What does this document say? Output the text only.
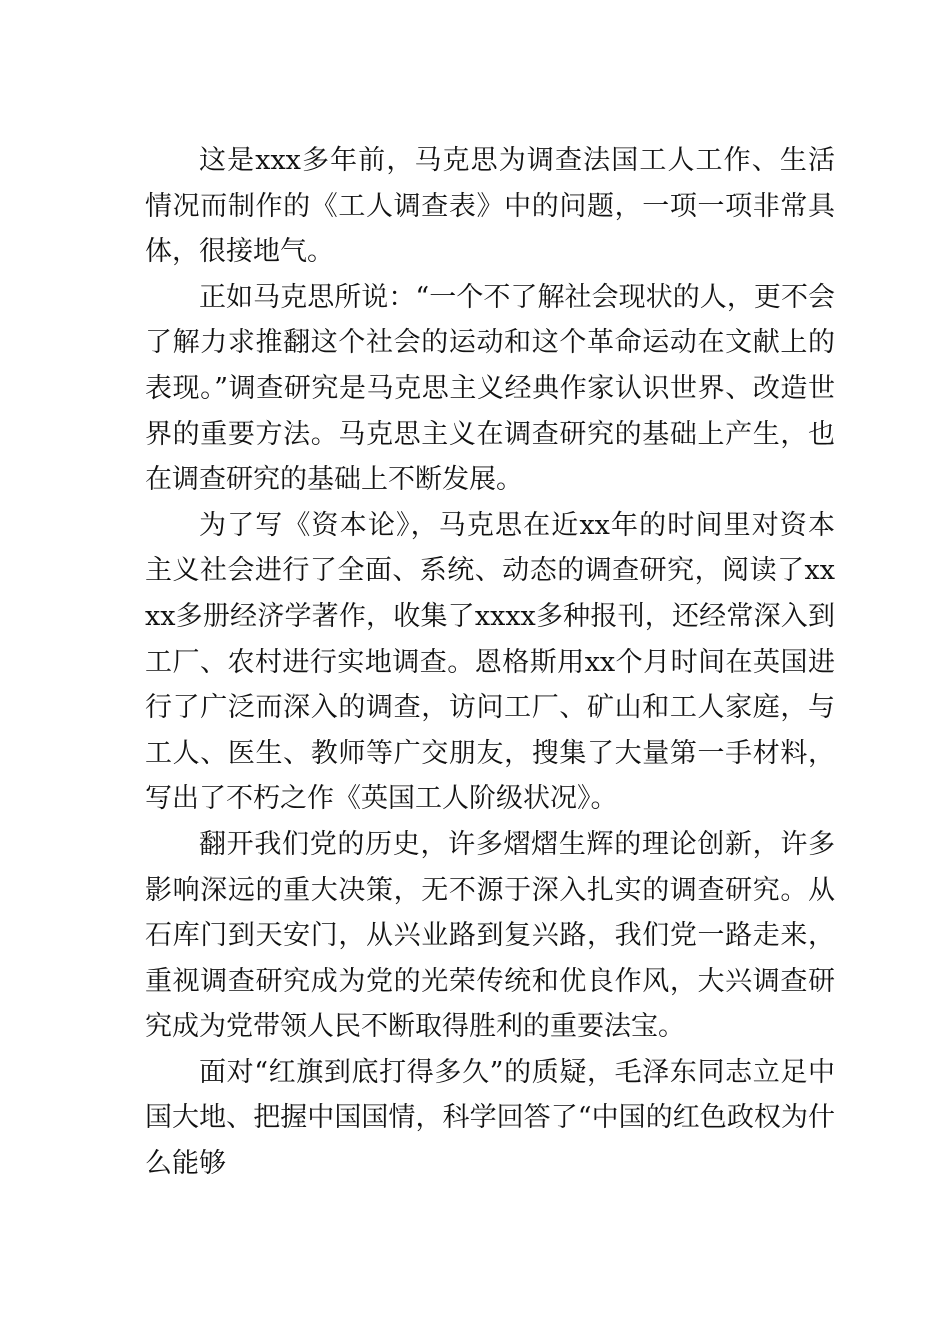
这是xxx多年前，马克思为调查法国工人工作、生活情况而制作的《工人调查表》中的问题，一项一项非常具体，很接地气。

正如马克思所说：“一个不了解社会现状的人，更不会了解力求推翻这个社会的运动和这个革命运动在文献上的表现。”调查研究是马克思主义经典作家认识世界、改造世界的重要方法。马克思主义在调查研究的基础上产生，也在调查研究的基础上不断发展。

为了写《资本论》，马克思在近xx年的时间里对资本主义社会进行了全面、系统、动态的调查研究，阅读了xxxx多册经济学著作，收集了xxxx多种报刊，还经常深入到工厂、农村进行实地调查。恩格斯用xx个月时间在英国进行了广泛而深入的调查，访问工厂、矿山和工人家庭，与工人、医生、教师等广交朋友，搜集了大量第一手材料，写出了不朽之作《英国工人阶级状况》。

翻开我们党的历史，许多熠熠生辉的理论创新，许多影响深远的重大决策，无不源于深入扎实的调查研究。从石库门到天安门，从兴业路到复兴路，我们党一路走来，重视调查研究成为党的光荣传统和优良作风，大兴调查研究成为党带领人民不断取得胜利的重要法宝。

面对“红旗到底打得多久”的质疑，毛泽东同志立足中国大地、把握中国国情，科学回答了“中国的红色政权为什么能够
